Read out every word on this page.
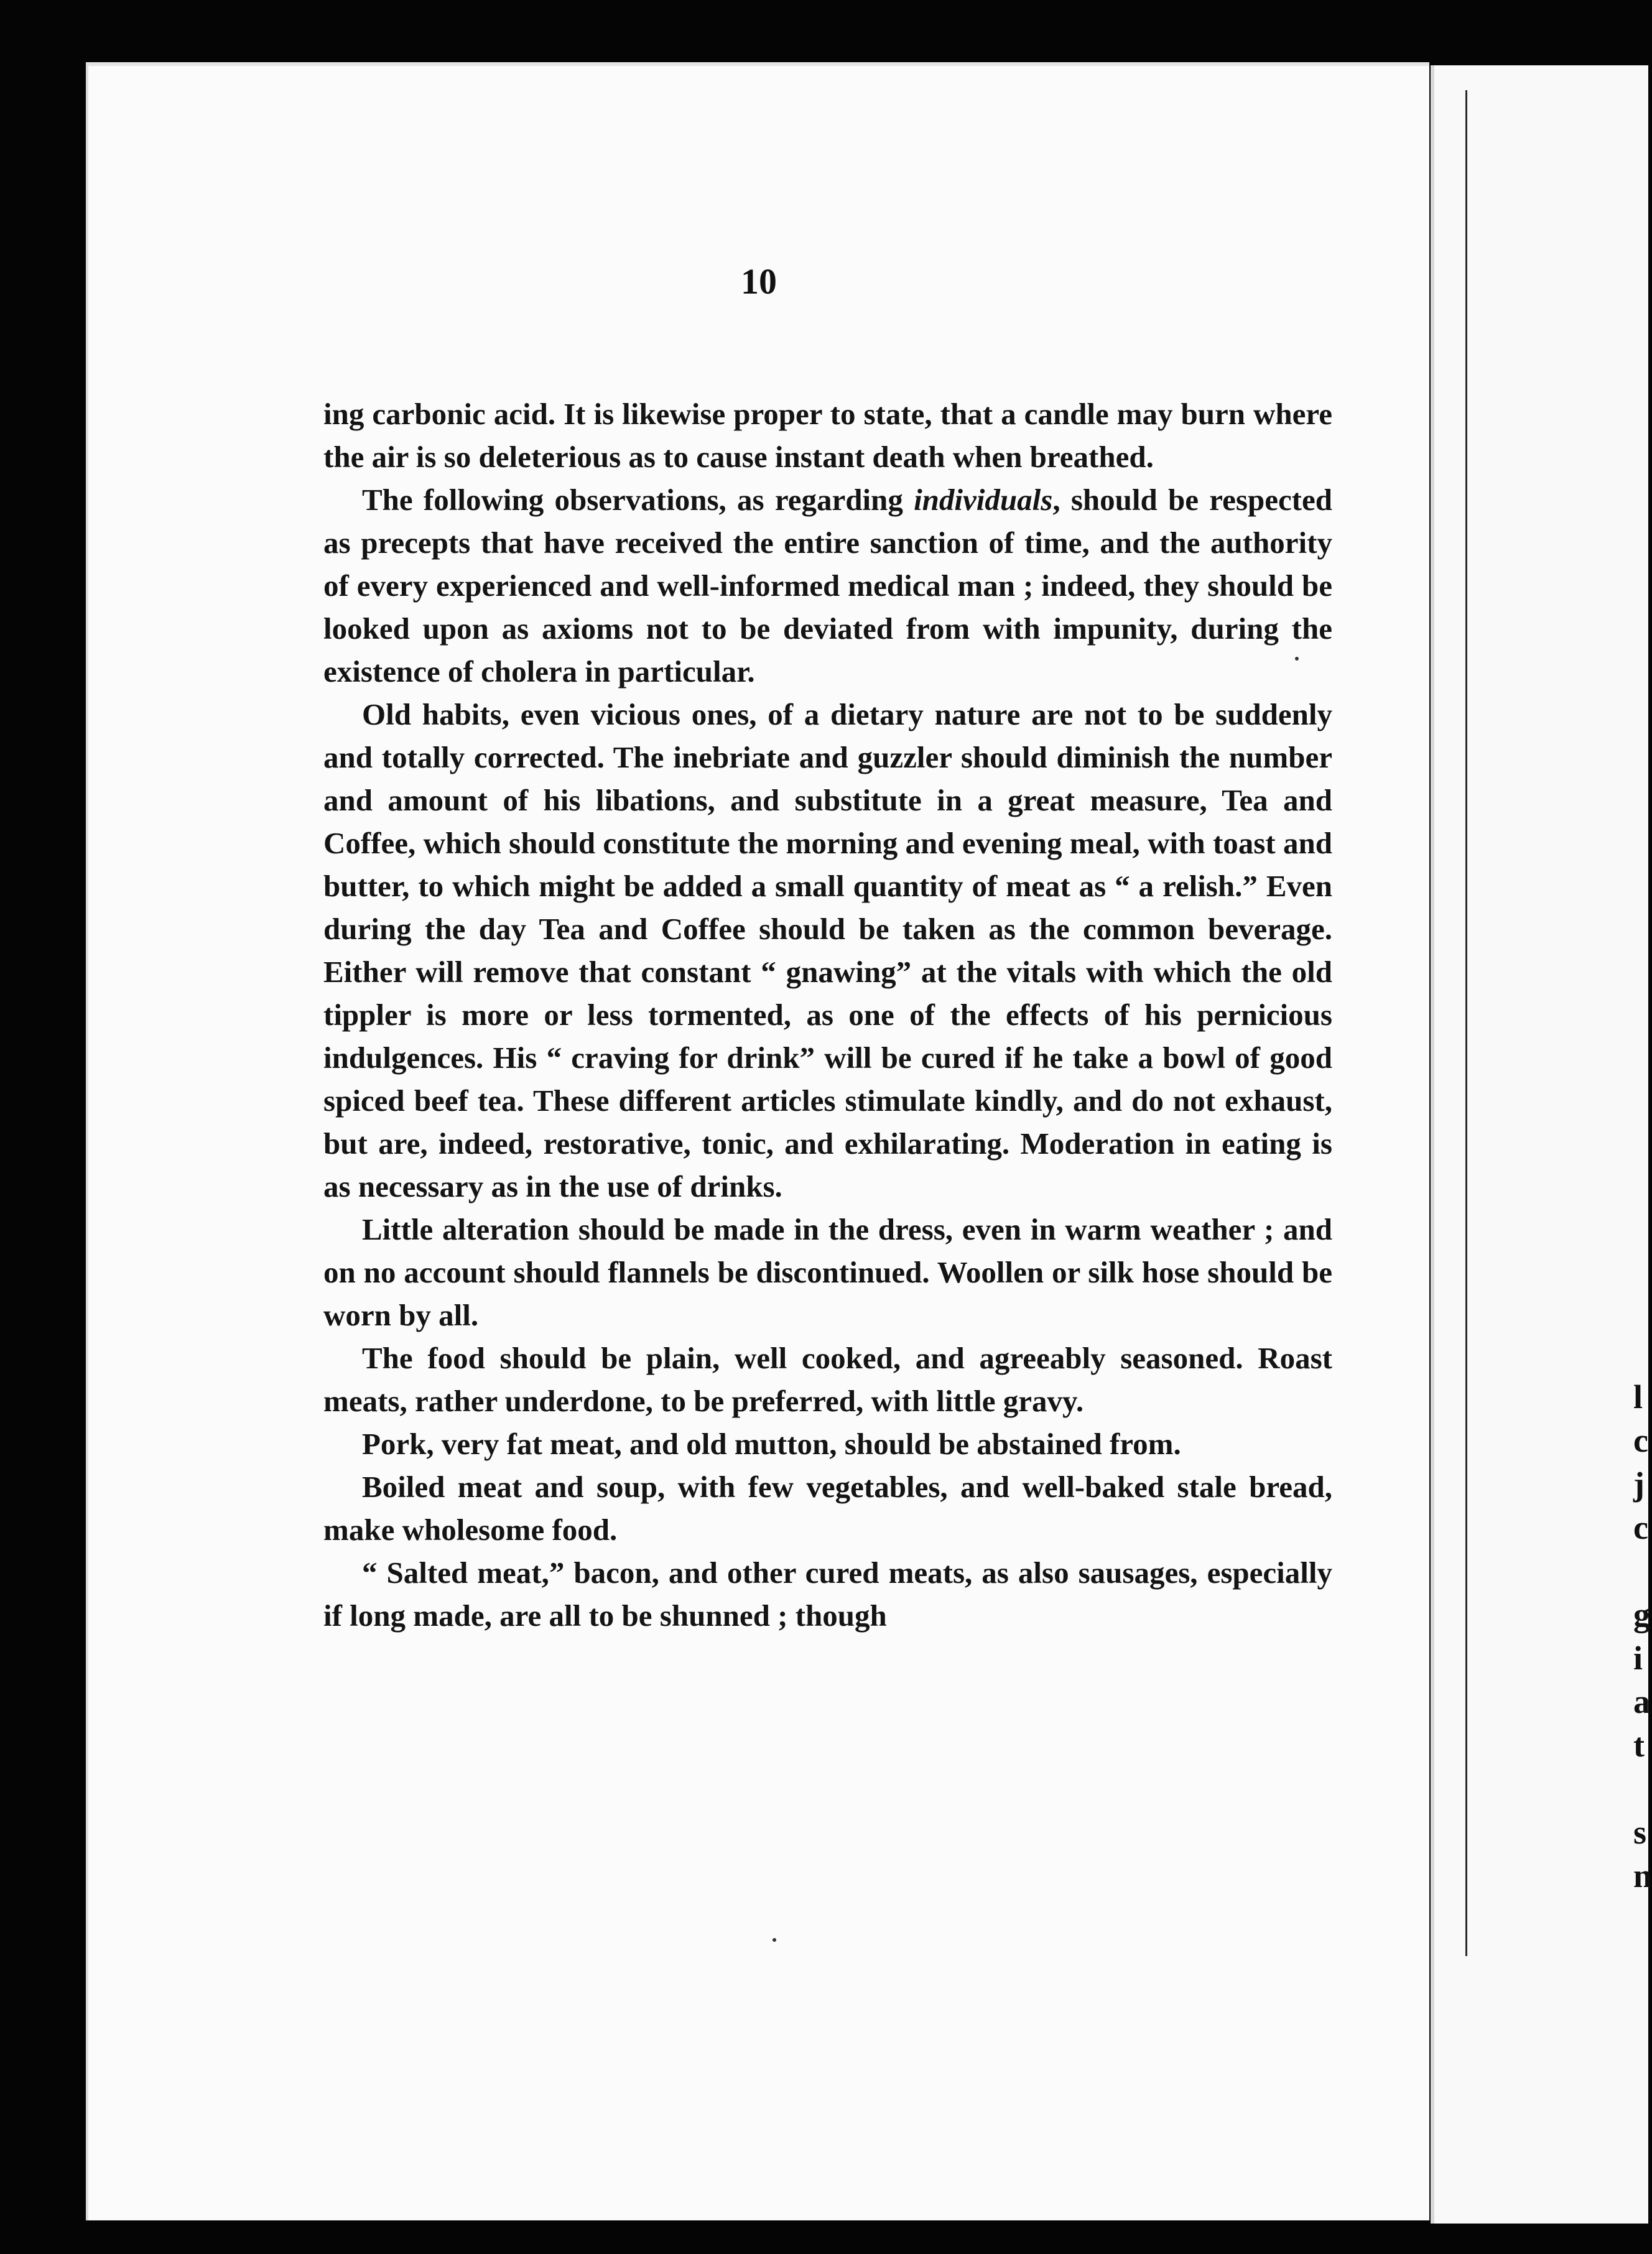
10

ing carbonic acid. It is likewise proper to state, that a candle may burn where the air is so deleterious as to cause instant death when breathed.

The following observations, as regarding individuals, should be respected as precepts that have received the entire sanction of time, and the authority of every experienced and well-informed medical man ; indeed, they should be looked upon as axioms not to be deviated from with impunity, during the existence of cholera in particular.

Old habits, even vicious ones, of a dietary nature are not to be suddenly and totally corrected. The inebriate and guzzler should diminish the number and amount of his libations, and substitute in a great measure, Tea and Coffee, which should constitute the morning and evening meal, with toast and butter, to which might be added a small quantity of meat as “ a relish.” Even during the day Tea and Coffee should be taken as the common beverage. Either will remove that constant “ gnawing” at the vitals with which the old tippler is more or less tormented, as one of the effects of his pernicious indulgences. His “ craving for drink” will be cured if he take a bowl of good spiced beef tea. These different articles stimulate kindly, and do not exhaust, but are, indeed, restorative, tonic, and exhilarating. Moderation in eating is as necessary as in the use of drinks.

Little alteration should be made in the dress, even in warm weather ; and on no account should flannels be discontinued. Woollen or silk hose should be worn by all.

The food should be plain, well cooked, and agreeably seasoned. Roast meats, rather underdone, to be preferred, with little gravy.

Pork, very fat meat, and old mutton, should be abstained from.

Boiled meat and soup, with few vegetables, and well-baked stale bread, make wholesome food.

“ Salted meat,” bacon, and other cured meats, as also sausages, especially if long made, are all to be shunned ; though

l
c
j
c
g
i
a
t
s
n
